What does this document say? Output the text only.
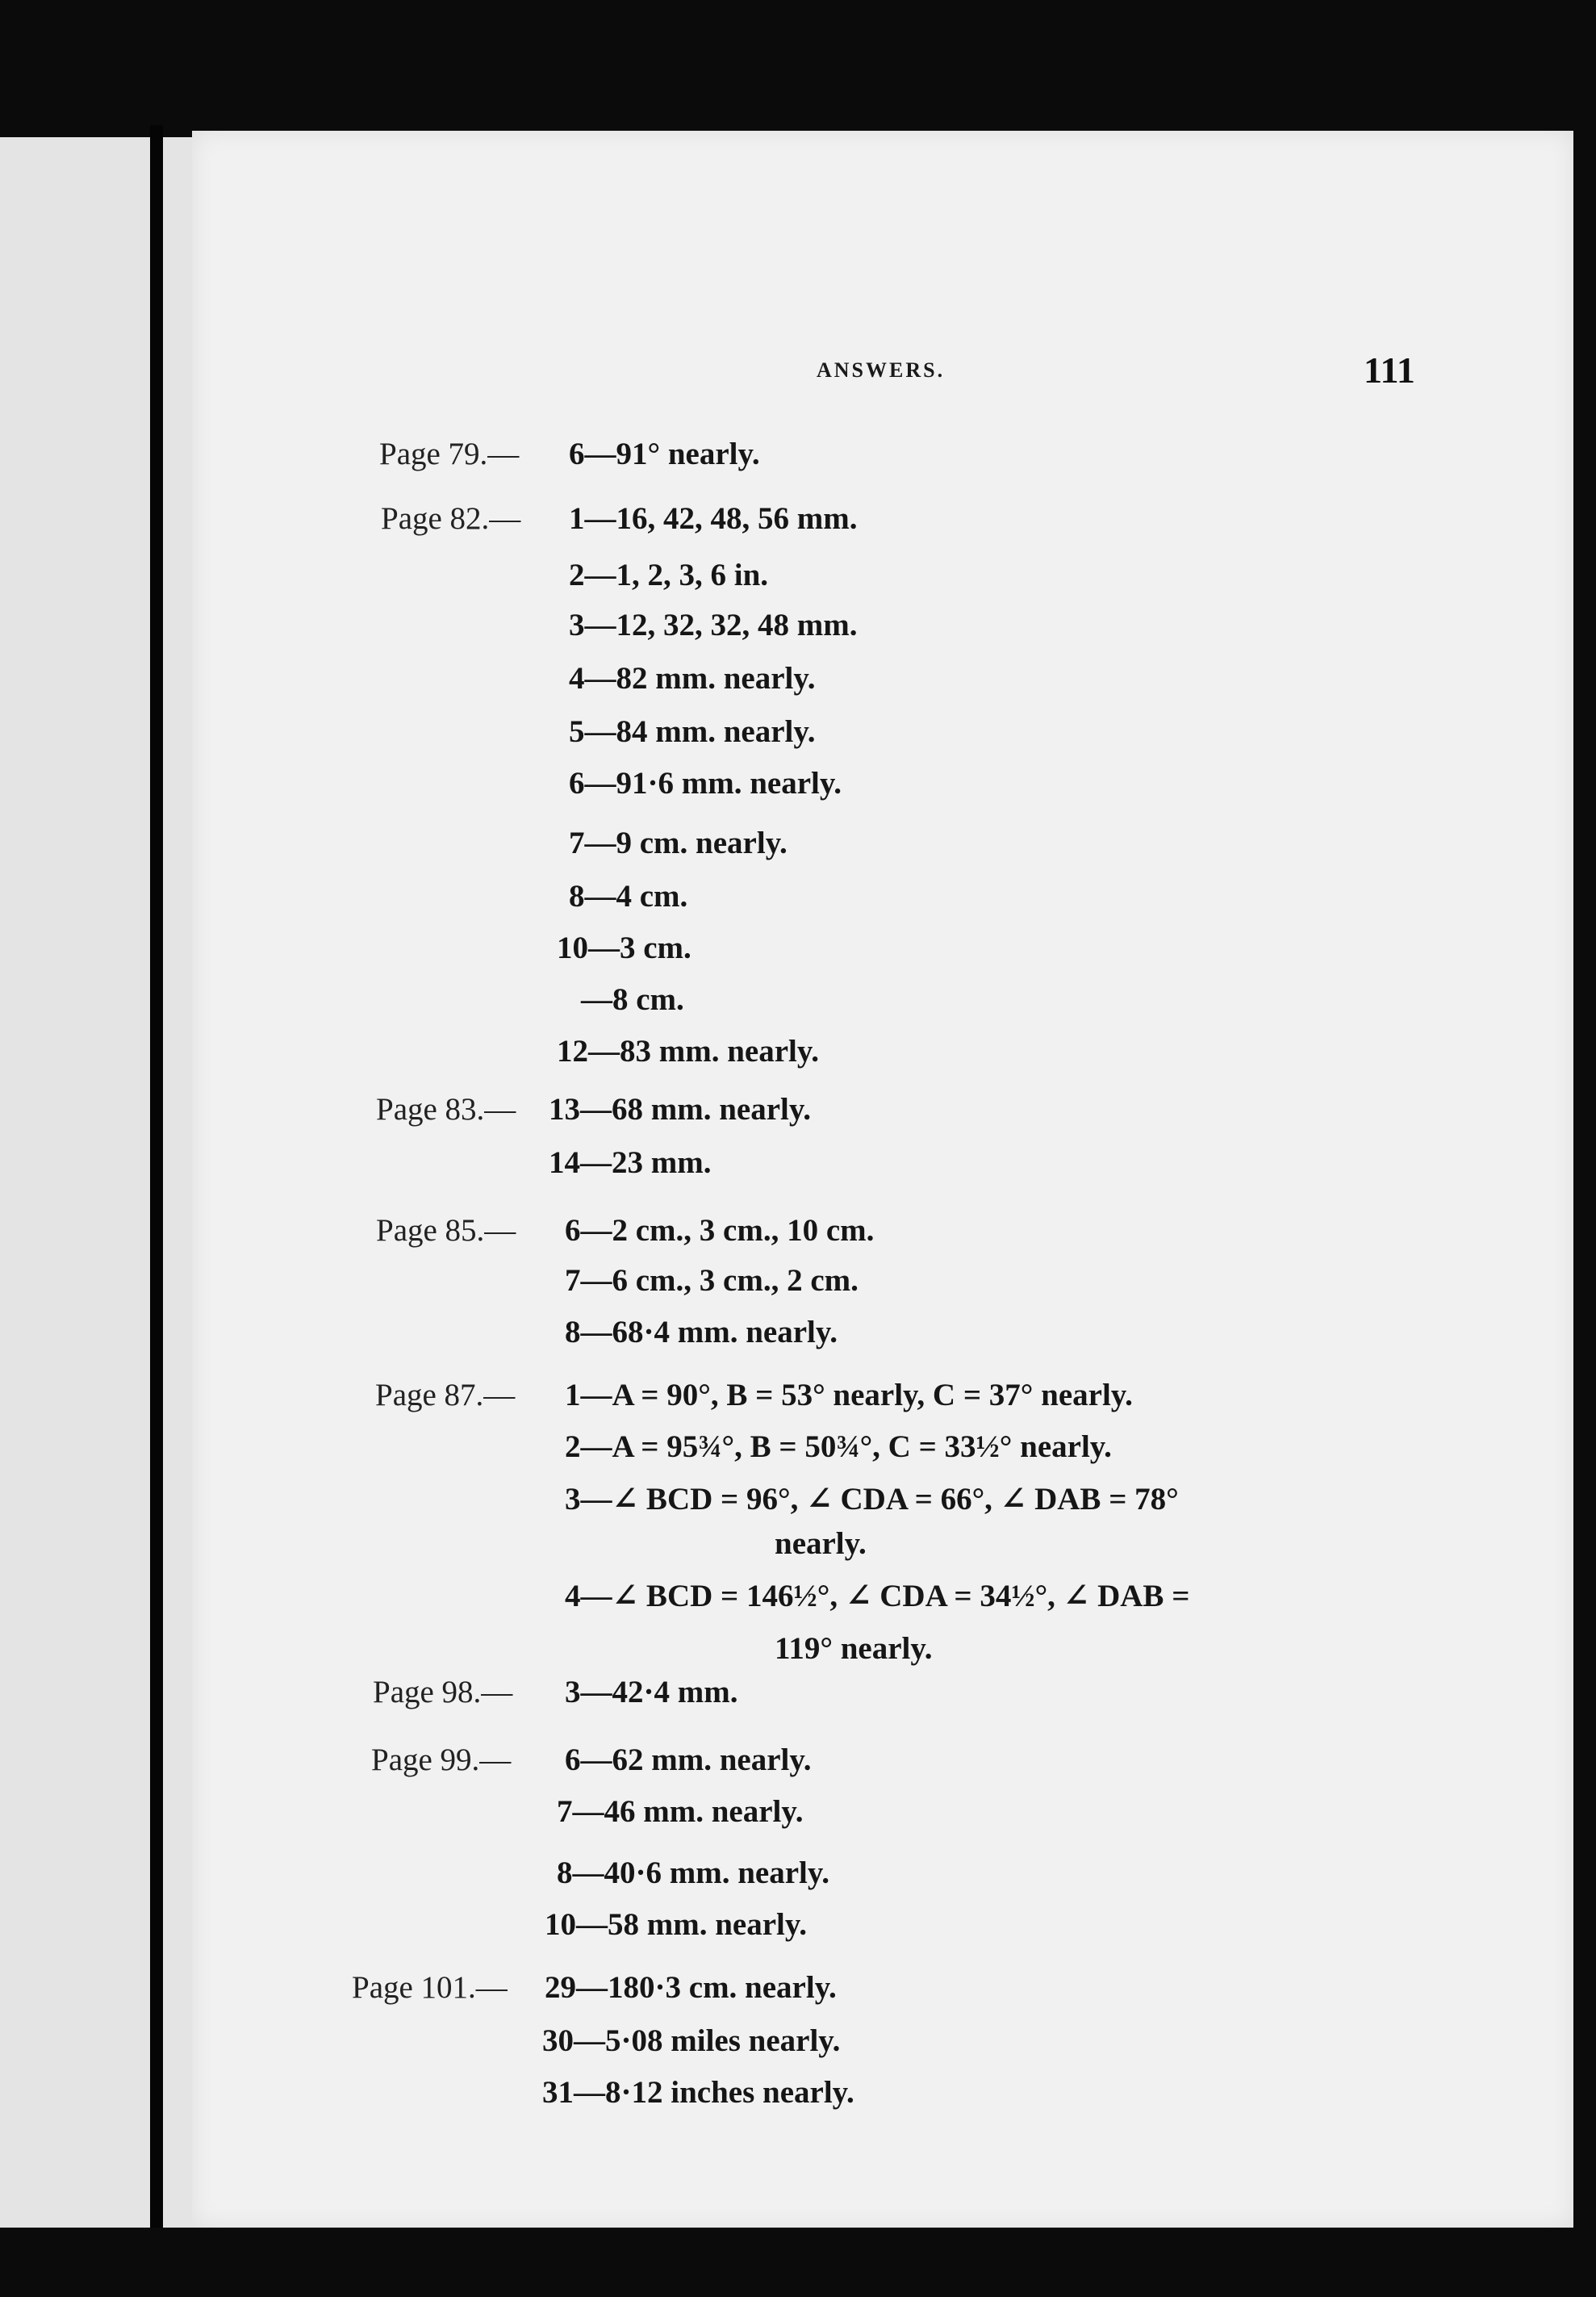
ANSWERS.	111
Page 79.— 6—91° nearly.
Page 82.— 1—16, 42, 48, 56 mm.
2—1, 2, 3, 6 in.
3—12, 32, 32, 48 mm.
4—82 mm. nearly.
5—84 mm. nearly.
6—91·6 mm. nearly.
7—9 cm. nearly.
8—4 cm.
10—3 cm.
—8 cm.
12—83 mm. nearly.
Page 83.— 13—68 mm. nearly.
14—23 mm.
Page 85.— 6—2 cm., 3 cm., 10 cm.
7—6 cm., 3 cm., 2 cm.
8—68·4 mm. nearly.
Page 87.— 1—A = 90°, B = 53° nearly, C = 37° nearly.
2—A = 95¾°, B = 50¾°, C = 33½° nearly.
3—∠ BCD = 96°, ∠ CDA = 66°, ∠ DAB = 78°
nearly.
4—∠ BCD = 146½°, ∠ CDA = 34½°, ∠ DAB =
119° nearly.
Page 98.— 3—42·4 mm.
Page 99.— 6—62 mm. nearly.
7—46 mm. nearly.
8—40·6 mm. nearly.
10—58 mm. nearly.
Page 101.— 29—180·3 cm. nearly.
30—5·08 miles nearly.
31—8·12 inches nearly.
